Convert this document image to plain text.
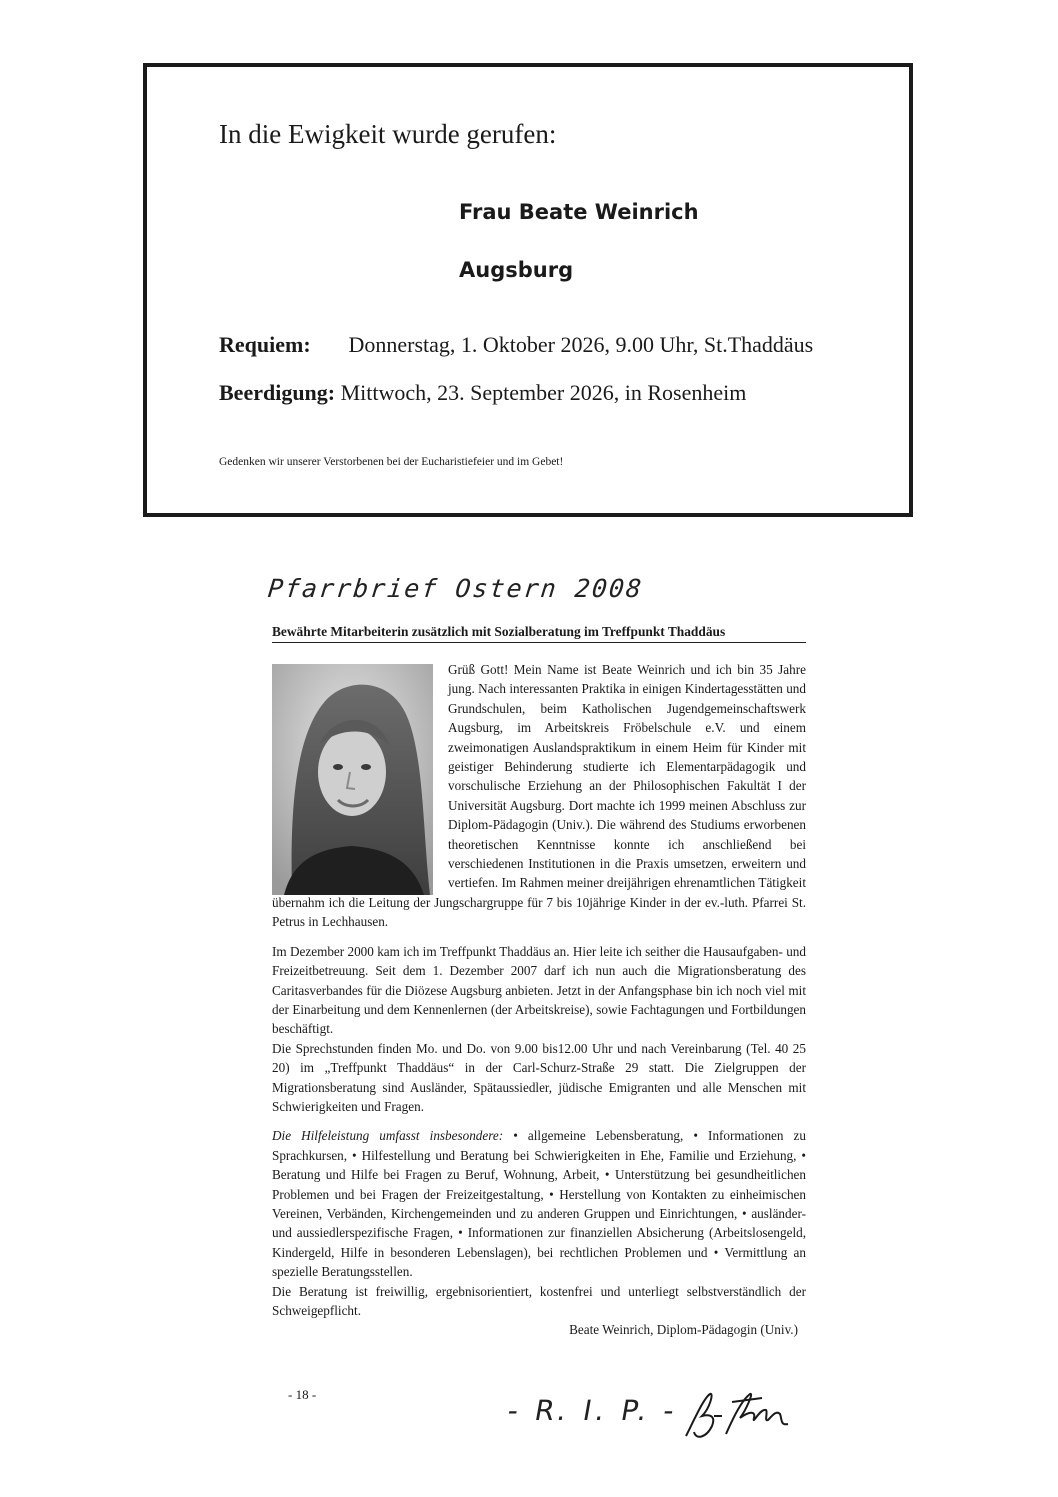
In die Ewigkeit wurde gerufen:
Frau Beate Weinrich
Augsburg
Requiem: Donnerstag, 1. Oktober 2026, 9.00 Uhr, St.Thaddäus
Beerdigung: Mittwoch, 23. September 2026, in Rosenheim
Gedenken wir unserer Verstorbenen bei der Eucharistiefeier und im Gebet!
Pfarrbrief Ostern 2008
Bewährte Mitarbeiterin zusätzlich mit Sozialberatung im Treffpunkt Thaddäus

Grüß Gott! Mein Name ist Beate Weinrich und ich bin 35 Jahre jung. Nach interessanten Praktika in einigen Kindertagesstätten und Grundschulen, beim Katholischen Jugendgemeinschaftswerk Augsburg, im Arbeitskreis Fröbelschule e.V. und einem zweimonatigen Auslandspraktikum in einem Heim für Kinder mit geistiger Behinderung studierte ich Elementarpädagogik und vorschulische Erziehung an der Philosophischen Fakultät I der Universität Augsburg. Dort machte ich 1999 meinen Abschluss zur Diplom-Pädagogin (Univ.). Die während des Studiums erworbenen theoretischen Kenntnisse konnte ich anschließend bei verschiedenen Institutionen in die Praxis umsetzen, erweitern und vertiefen. Im Rahmen meiner dreijährigen ehrenamtlichen Tätigkeit übernahm ich die Leitung der Jungschargruppe für 7 bis 10jährige Kinder in der ev.-luth. Pfarrei St. Petrus in Lechhausen.

Im Dezember 2000 kam ich im Treffpunkt Thaddäus an. Hier leite ich seither die Hausaufgaben- und Freizeitbetreuung. Seit dem 1. Dezember 2007 darf ich nun auch die Migrationsberatung des Caritasverbandes für die Diözese Augsburg anbieten. Jetzt in der Anfangsphase bin ich noch viel mit der Einarbeitung und dem Kennenlernen (der Arbeitskreise), sowie Fachtagungen und Fortbildungen beschäftigt.

Die Sprechstunden finden Mo. und Do. von 9.00 bis12.00 Uhr und nach Vereinbarung (Tel. 40 25 20) im „Treffpunkt Thaddäus“ in der Carl-Schurz-Straße 29 statt. Die Zielgruppen der Migrationsberatung sind Ausländer, Spätaussiedler, jüdische Emigranten und alle Menschen mit Schwierigkeiten und Fragen.

Die Hilfeleistung umfasst insbesondere: • allgemeine Lebensberatung, • Informationen zu Sprachkursen, • Hilfestellung und Beratung bei Schwierigkeiten in Ehe, Familie und Erziehung, • Beratung und Hilfe bei Fragen zu Beruf, Wohnung, Arbeit, • Unterstützung bei gesundheitlichen Problemen und bei Fragen der Freizeitgestaltung, • Herstellung von Kontakten zu einheimischen Vereinen, Verbänden, Kirchengemeinden und zu anderen Gruppen und Einrichtungen, • ausländer- und aussiedlerspezifische Fragen, • Informationen zur finanziellen Absicherung (Arbeitslosengeld, Kindergeld, Hilfe in besonderen Lebenslagen), bei rechtlichen Problemen und • Vermittlung an spezielle Beratungsstellen.

Die Beratung ist freiwillig, ergebnisorientiert, kostenfrei und unterliegt selbstverständlich der Schweigepflicht.
Beate Weinrich, Diplom-Pädagogin (Univ.)
- 18 -	- R. I. P. -
